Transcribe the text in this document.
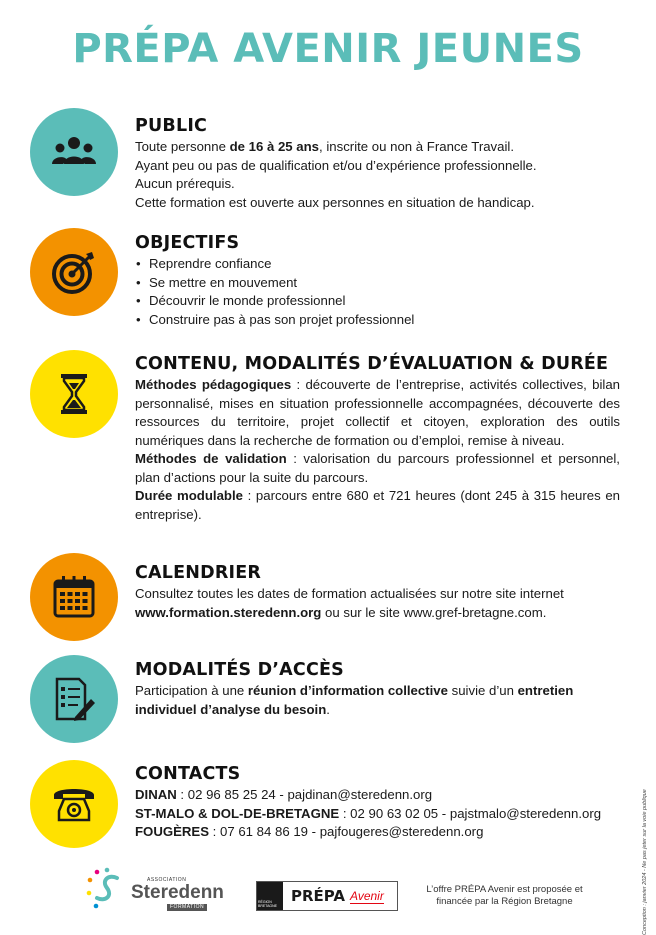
PRÉPA AVENIR JEUNES
PUBLIC

Toute personne de 16 à 25 ans, inscrite ou non à France Travail.

Ayant peu ou pas de qualification et/ou d’expérience professionnelle.

Aucun prérequis.

Cette formation est ouverte aux personnes en situation de handicap.

OBJECTIFS
• Reprendre confiance
• Se mettre en mouvement
• Découvrir le monde professionnel
• Construire pas à pas son projet professionnel
CONTENU, MODALITÉS D’ÉVALUATION & DURÉE

Méthodes pédagogiques : découverte de l’entreprise, activités collectives, bilan personnalisé, mises en situation professionnelle accompagnées, découverte des ressources du territoire, projet collectif et citoyen, exploration des outils numériques dans la recherche de formation ou d’emploi, remise à niveau.

Méthodes de validation : valorisation du parcours professionnel et personnel, plan d’actions pour la suite du parcours.

Durée modulable : parcours entre 680 et 721 heures (dont 245 à 315 heures en entreprise).

CALENDRIER

Consultez toutes les dates de formation actualisées sur notre site internet

www.formation.steredenn.org ou sur le site www.gref-bretagne.com.

MODALITÉS D’ACCÈS

Participation à une réunion d’information collective suivie d’un entretien individuel d’analyse du besoin.

CONTACTS

DINAN : 02 96 85 25 24 - pajdinan@steredenn.org

ST-MALO & DOL-DE-BRETAGNE : 02 90 63 02 05 - pajstmalo@steredenn.org

FOUGÈRES : 07 61 84 86 19 - pajfougeres@steredenn.org

ASSOCIATION
Steredenn
FORMATION
RÉGION BRETAGNE
PRÉPA Avenir	L’offre PRÉPA Avenir est proposée et financée par la Région Bretagne	Conception : janvier 2024 - Ne pas jeter sur la voie publique
